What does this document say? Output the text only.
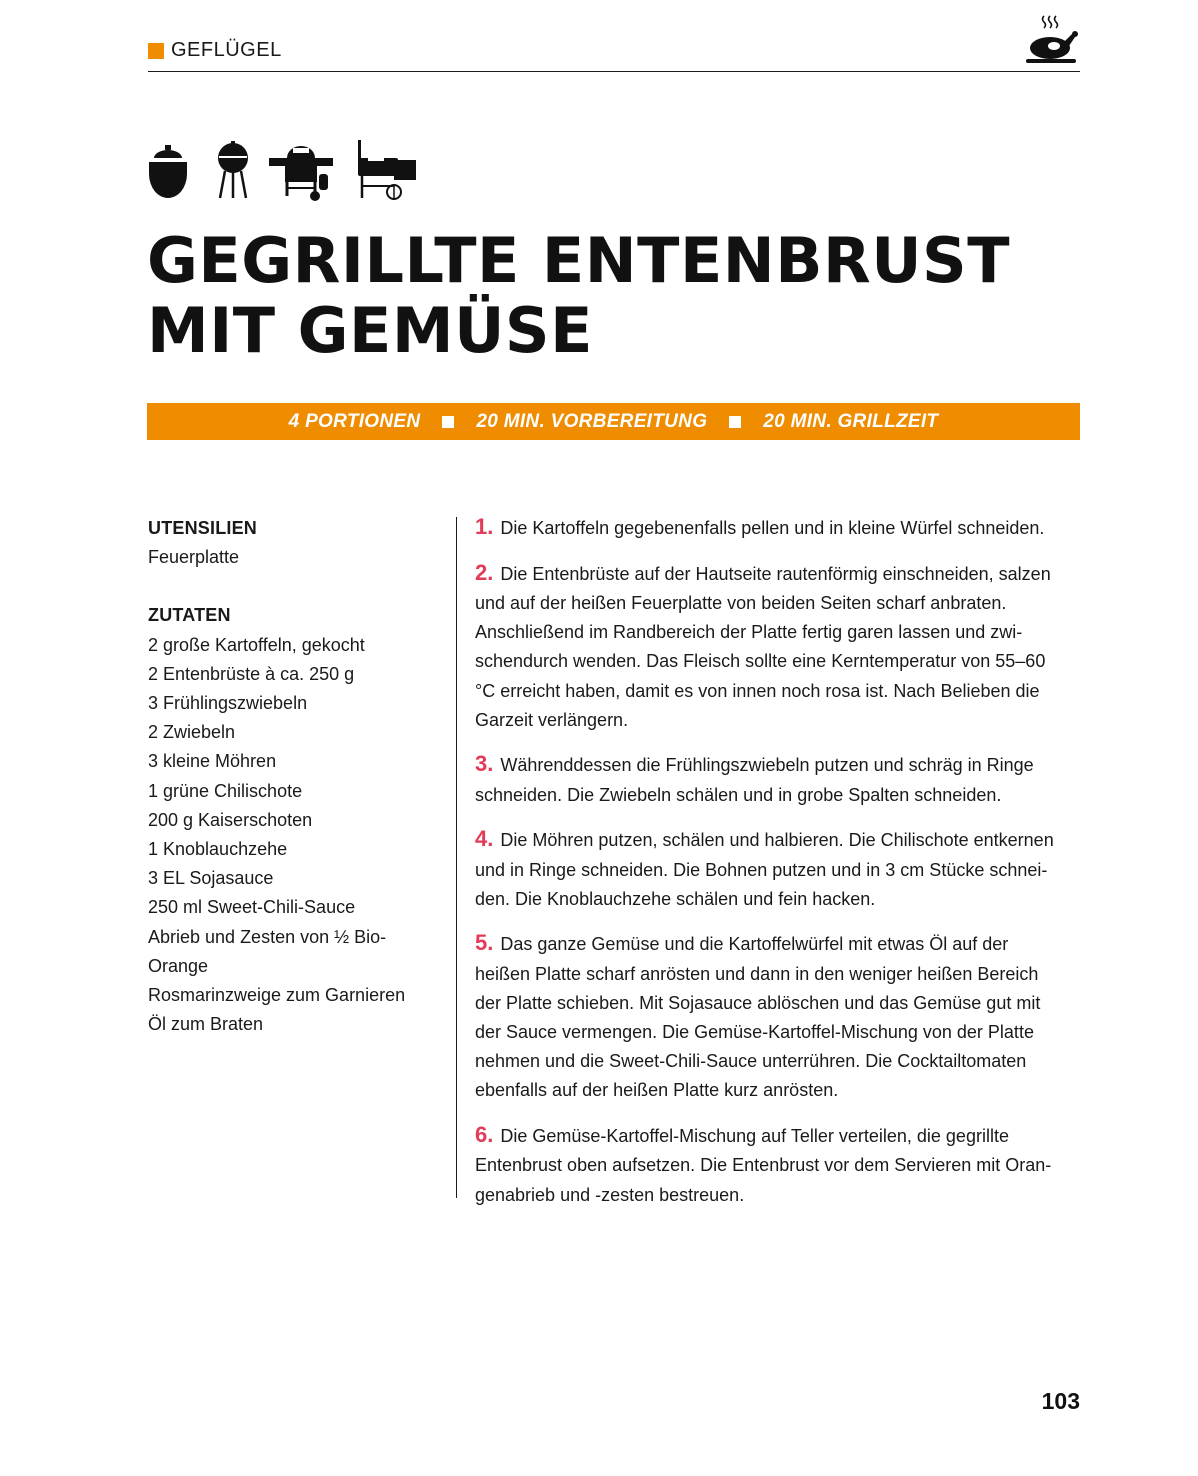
GEFLÜGEL
GEGRILLTE ENTENBRUST
MIT GEMÜSE
4 PORTIONEN	20 MIN. VORBEREITUNG	20 MIN. GRILLZEIT
UTENSILIEN

Feuerplatte

ZUTATEN

2 große Kartoffeln, gekocht

2 Entenbrüste à ca. 250 g

3 Frühlingszwiebeln

2 Zwiebeln

3 kleine Möhren

1 grüne Chilischote

200 g Kaiserschoten

1 Knoblauchzehe

3 EL Sojasauce

250 ml Sweet-Chili-Sauce

Abrieb und Zesten von ½ Bio-

Orange

Rosmarinzweige zum Garnieren

Öl zum Braten

1. Die Kartoffeln gegebenenfalls pellen und in kleine Würfel schneiden.
2. Die Entenbrüste auf der Hautseite rautenförmig einschneiden, salzen
und auf der heißen Feuerplatte von beiden Seiten scharf anbraten.
Anschließend im Randbereich der Platte fertig garen lassen und zwi-
schendurch wenden. Das Fleisch sollte eine Kerntemperatur von 55–60
°C erreicht haben, damit es von innen noch rosa ist. Nach Belieben die
Garzeit verlängern.
3. Währenddessen die Frühlingszwiebeln putzen und schräg in Ringe
schneiden. Die Zwiebeln schälen und in grobe Spalten schneiden.
4. Die Möhren putzen, schälen und halbieren. Die Chilischote entkernen
und in Ringe schneiden. Die Bohnen putzen und in 3 cm Stücke schnei-
den. Die Knoblauchzehe schälen und fein hacken.
5. Das ganze Gemüse und die Kartoffelwürfel mit etwas Öl auf der
heißen Platte scharf anrösten und dann in den weniger heißen Bereich
der Platte schieben. Mit Sojasauce ablöschen und das Gemüse gut mit
der Sauce vermengen. Die Gemüse-Kartoffel-Mischung von der Platte
nehmen und die Sweet-Chili-Sauce unterrühren. Die Cocktailtomaten
ebenfalls auf der heißen Platte kurz anrösten.
6. Die Gemüse-Kartoffel-Mischung auf Teller verteilen, die gegrillte
Entenbrust oben aufsetzen. Die Entenbrust vor dem Servieren mit Oran-
genabrieb und -zesten bestreuen.
103
